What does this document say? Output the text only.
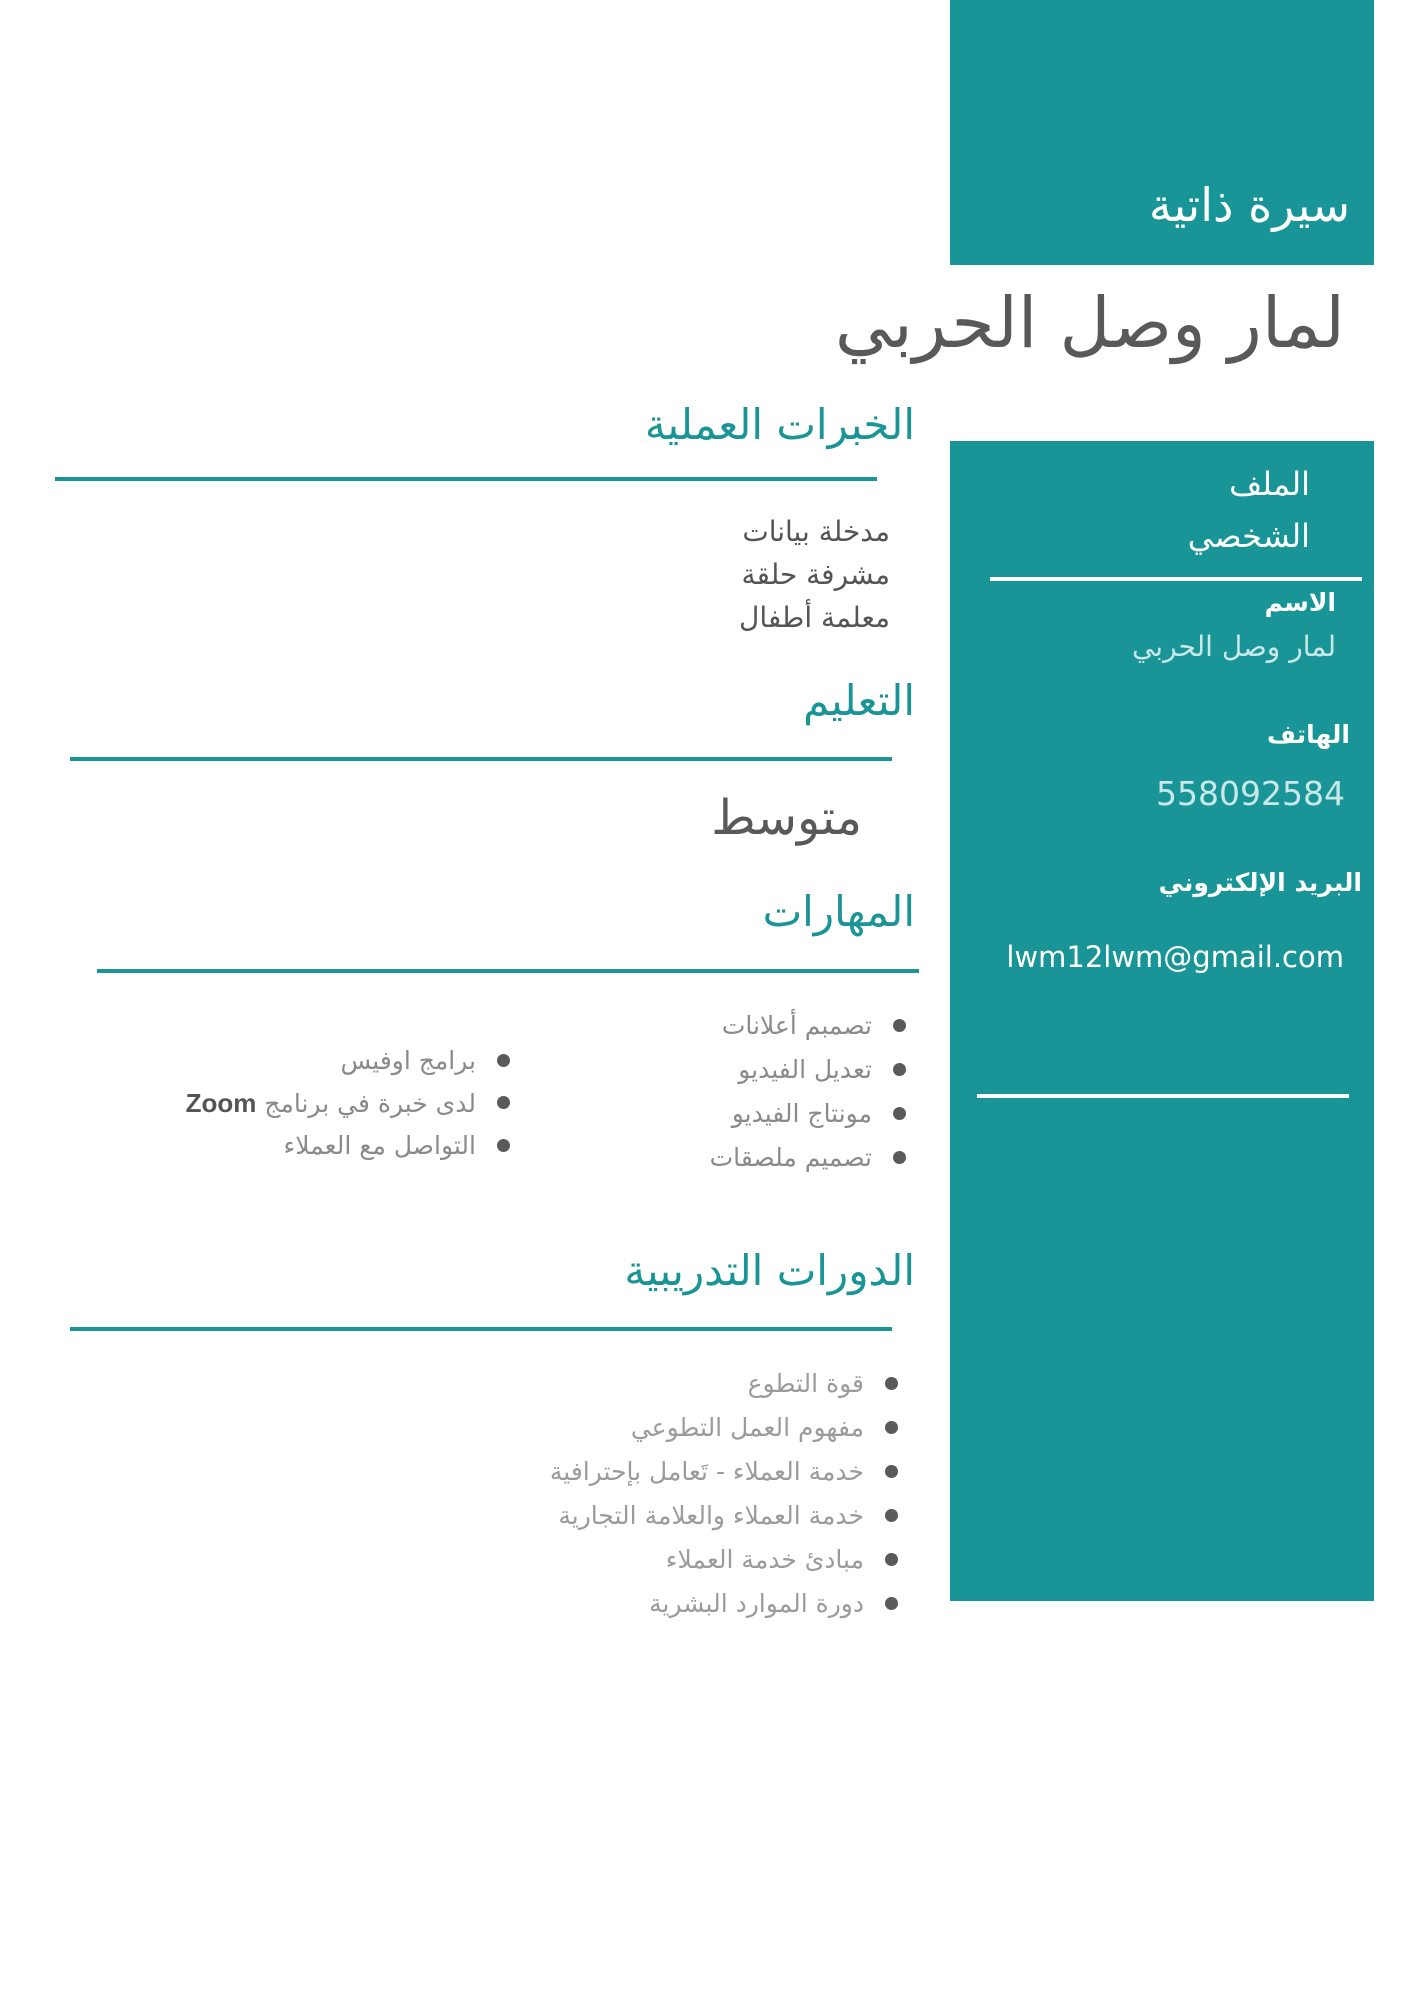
سيرة ذاتية
لمار وصل الحربي
الملف
الشخصي
الاسم
لمار وصل الحربي
الهاتف
558092584
البريد الإلكتروني
lwm12lwm@gmail.com
الخبرات العملية
مدخلة بيانات
مشرفة حلقة
معلمة أطفال
التعليم
متوسط
المهارات
تصمبم أعلانات
تعديل الفيديو
مونتاج الفيديو
تصميم ملصقات
برامج اوفيس
لدى خبرة في برنامج Zoom
التواصل مع العملاء
الدورات التدريبية
قوة التطوع
مفهوم العمل التطوعي
خدمة العملاء - تَعامل بإحترافية
خدمة العملاء والعلامة التجارية
مبادئ خدمة العملاء
دورة الموارد البشرية
